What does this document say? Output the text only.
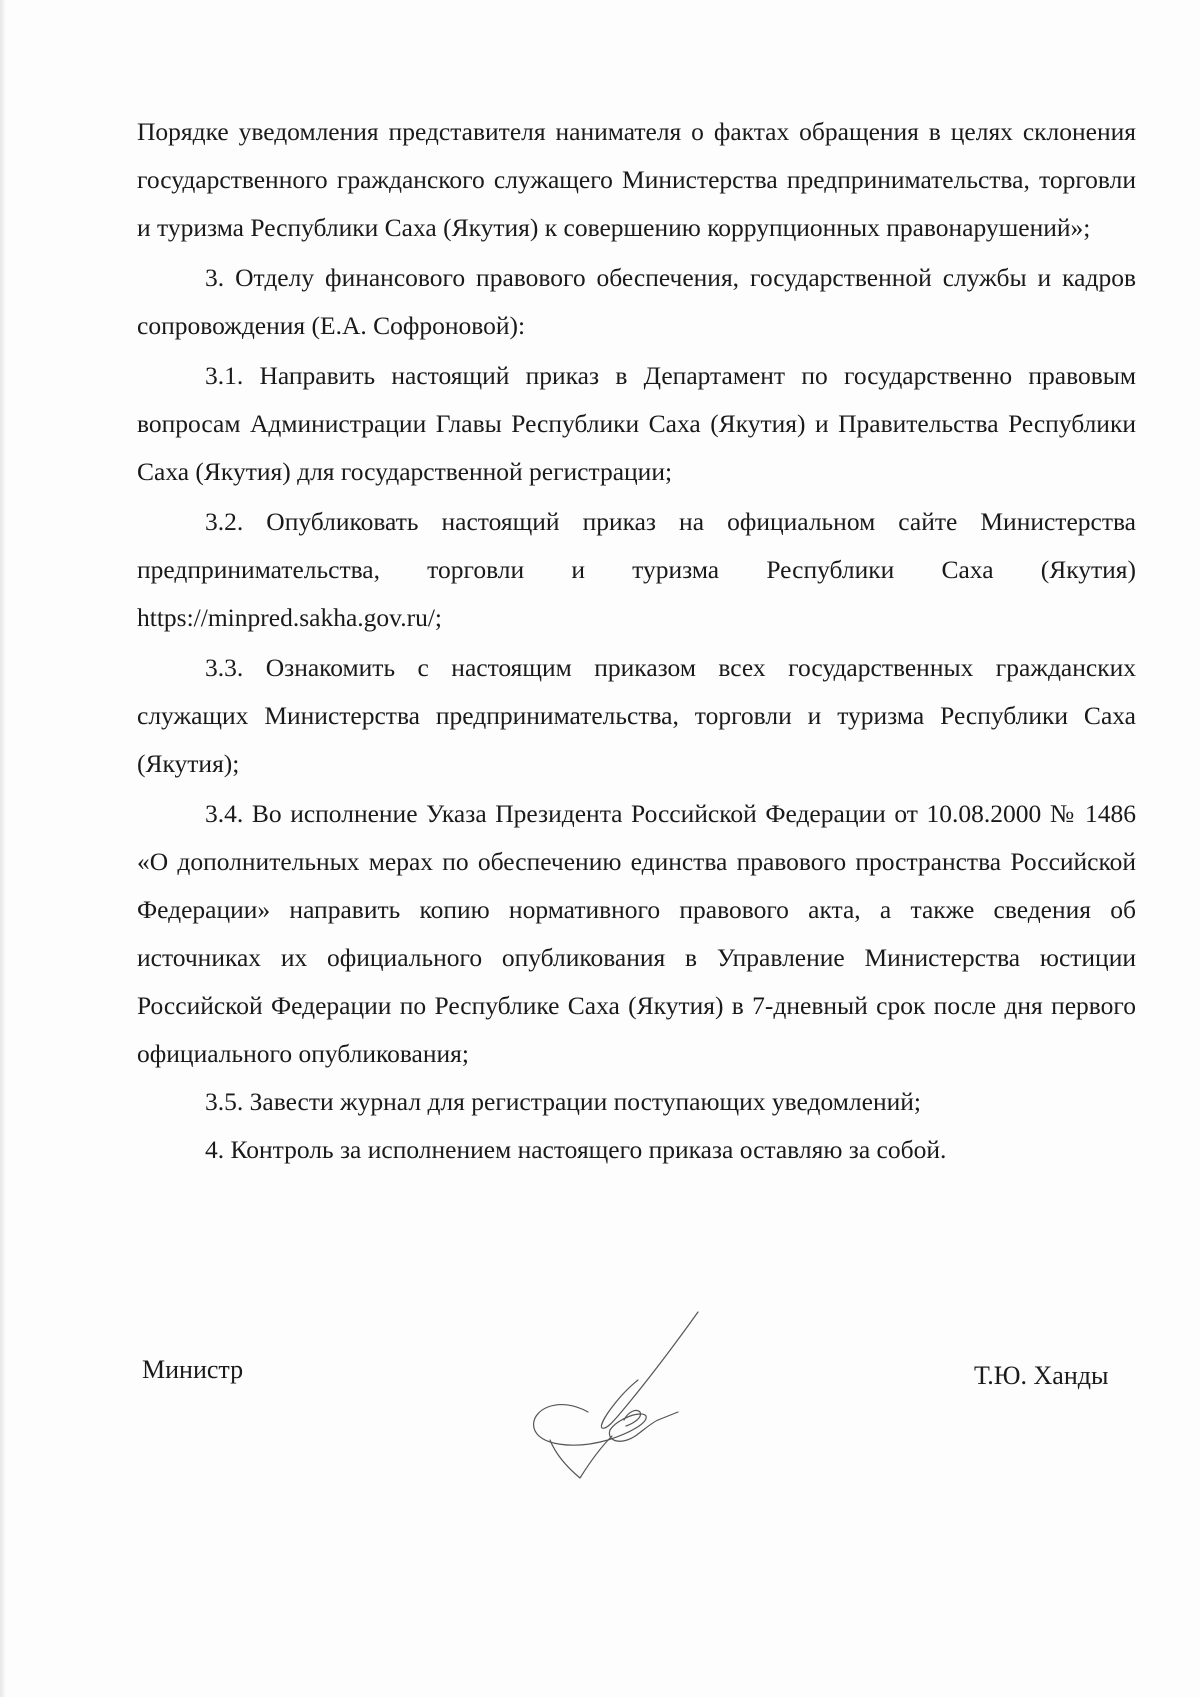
Порядке уведомления представителя нанимателя о фактах обращения в целях склонения государственного гражданского служащего Министерства предпринимательства, торговли и туризма Республики Саха (Якутия) к совершению коррупционных правонарушений»;

3. Отделу финансового правового обеспечения, государственной службы и кадров сопровождения (Е.А. Софроновой):

3.1. Направить настоящий приказ в Департамент по государственно правовым вопросам Администрации Главы Республики Саха (Якутия) и Правительства Республики Саха (Якутия) для государственной регистрации;

3.2. Опубликовать настоящий приказ на официальном сайте Министерства предпринимательства, торговли и туризма Республики Саха (Якутия) https://minpred.sakha.gov.ru/;

3.3. Ознакомить с настоящим приказом всех государственных гражданских служащих Министерства предпринимательства, торговли и туризма Республики Саха (Якутия);

3.4. Во исполнение Указа Президента Российской Федерации от 10.08.2000 № 1486 «О дополнительных мерах по обеспечению единства правового пространства Российской Федерации» направить копию нормативного правового акта, а также сведения об источниках их официального опубликования в Управление Министерства юстиции Российской Федерации по Республике Саха (Якутия) в 7-дневный срок после дня первого официального опубликования;

3.5. Завести журнал для регистрации поступающих уведомлений;

4. Контроль за исполнением настоящего приказа оставляю за собой.

Министр	Т.Ю. Ханды
